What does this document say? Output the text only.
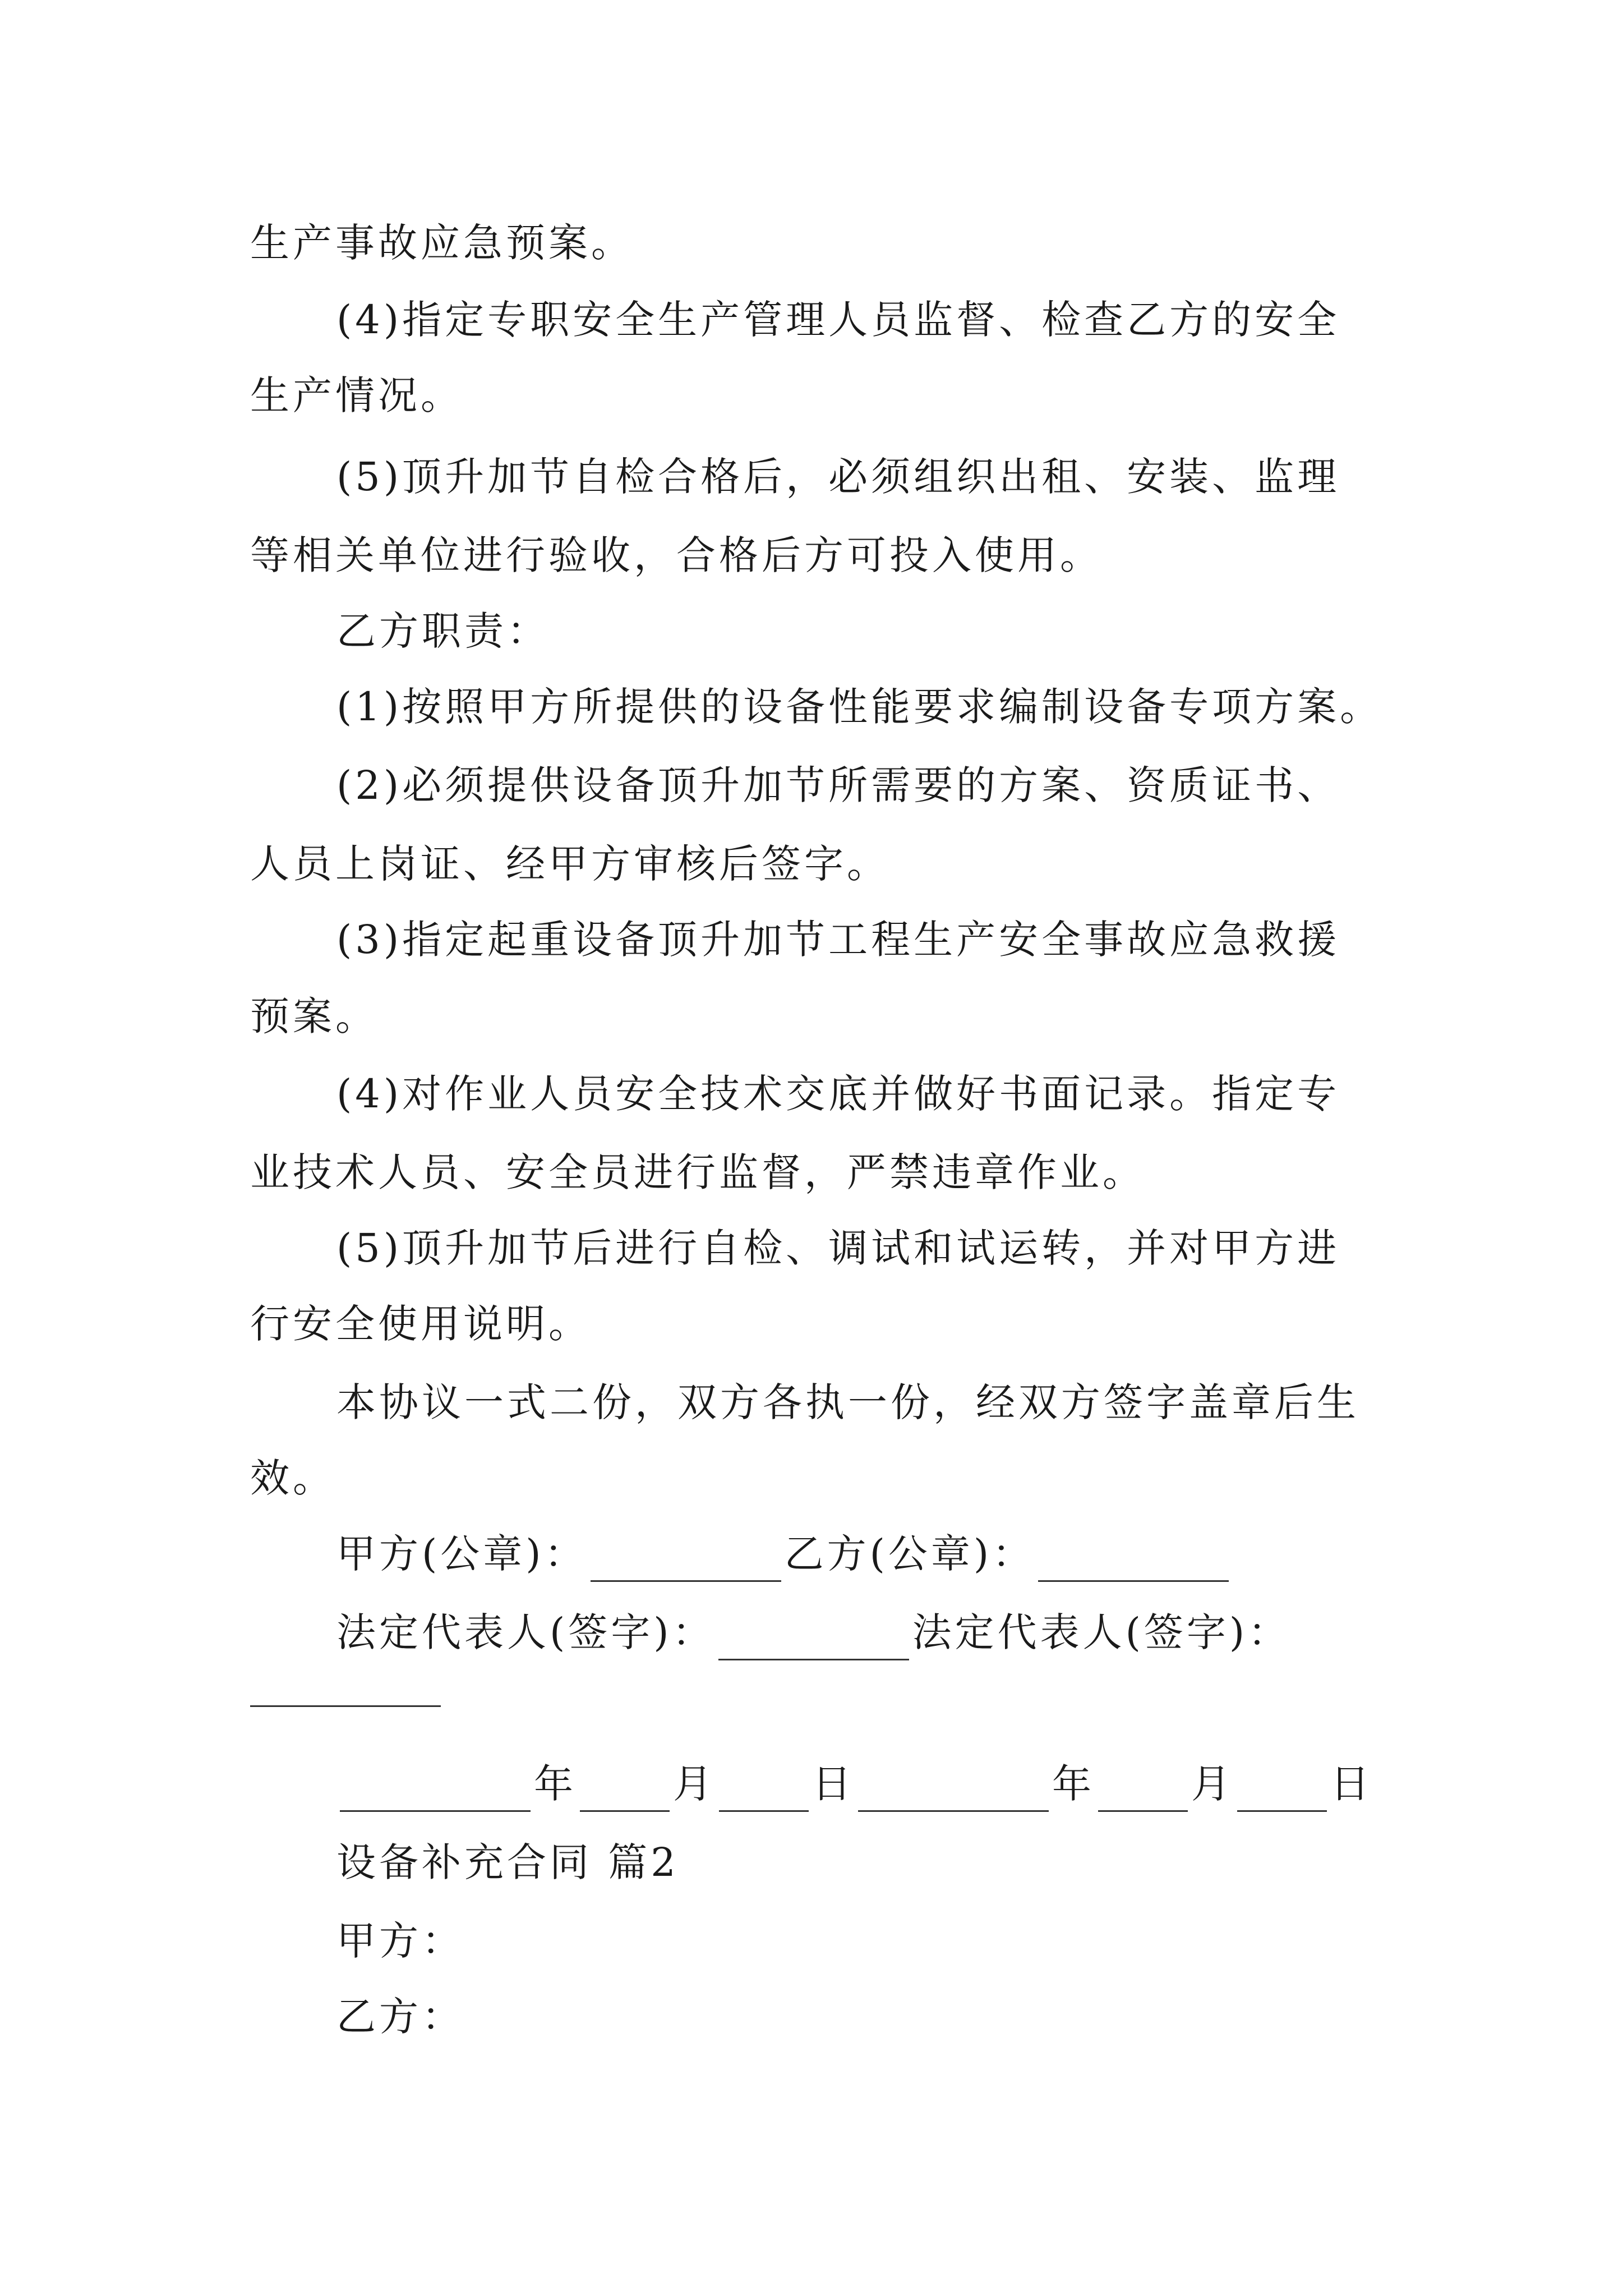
生产事故应急预案。
(4)指定专职安全生产管理人员监督、检查乙方的安全
生产情况。
(5)顶升加节自检合格后，必须组织出租、安装、监理
等相关单位进行验收，合格后方可投入使用。
乙方职责：
(1)按照甲方所提供的设备性能要求编制设备专项方案。
(2)必须提供设备顶升加节所需要的方案、资质证书、
人员上岗证、经甲方审核后签字。
(3)指定起重设备顶升加节工程生产安全事故应急救援
预案。
(4)对作业人员安全技术交底并做好书面记录。指定专
业技术人员、安全员进行监督，严禁违章作业。
(5)顶升加节后进行自检、调试和试运转，并对甲方进
行安全使用说明。
本协议一式二份，双方各执一份，经双方签字盖章后生
效。
甲方(公章)：	乙方(公章)：
法定代表人(签字)：	法定代表人(签字)：
年 月 日	年 月 日
设备补充合同 篇2
甲方：
乙方：
